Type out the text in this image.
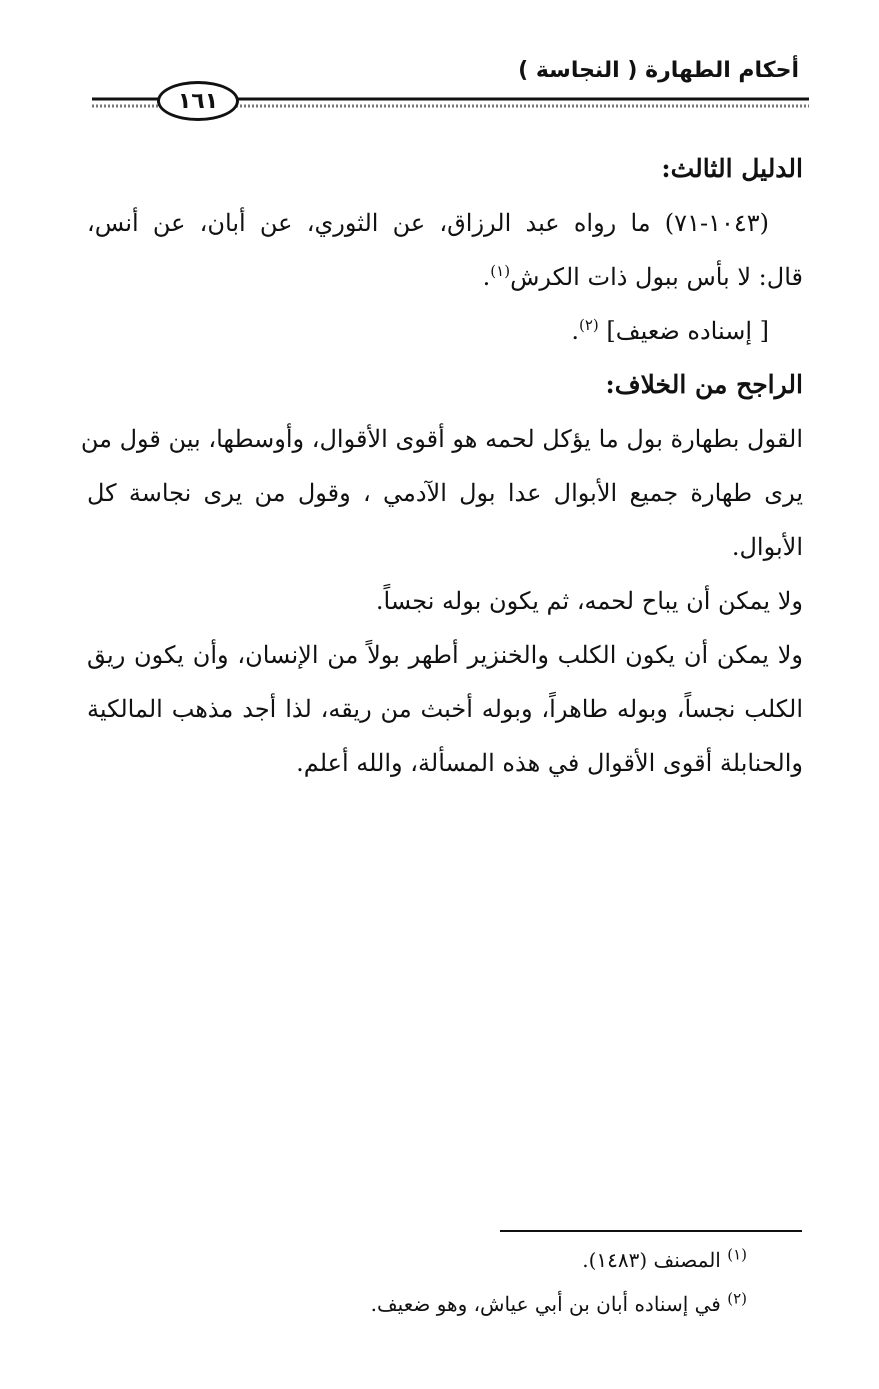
أحكام الطهارة ( النجاسة )
١٦١
الدليل الثالث:
(١٠٤٣-٧١) ما رواه عبد الرزاق، عن الثوري، عن أبان، عن أنس،
قال: لا بأس ببول ذات الكرش$^{(١)}$.
[ إسناده ضعيف] $^{(٢)}$.
الراجح من الخلاف:
القول بطهارة بول ما يؤكل لحمه هو أقوى الأقوال، وأوسطها، بين قول من
يرى طهارة جميع الأبوال عدا بول الآدمي ، وقول من يرى نجاسة كل
الأبوال.
ولا يمكن أن يباح لحمه، ثم يكون بوله نجساً.
ولا يمكن أن يكون الكلب والخنزير أطهر بولاً من الإنسان، وأن يكون ريق
الكلب نجساً، وبوله طاهراً، وبوله أخبث من ريقه، لذا أجد مذهب المالكية
والحنابلة أقوى الأقوال في هذه المسألة، والله أعلم.
$^{(١)}$ المصنف (١٤٨٣).
$^{(٢)}$ في إسناده أبان بن أبي عياش، وهو ضعيف.
